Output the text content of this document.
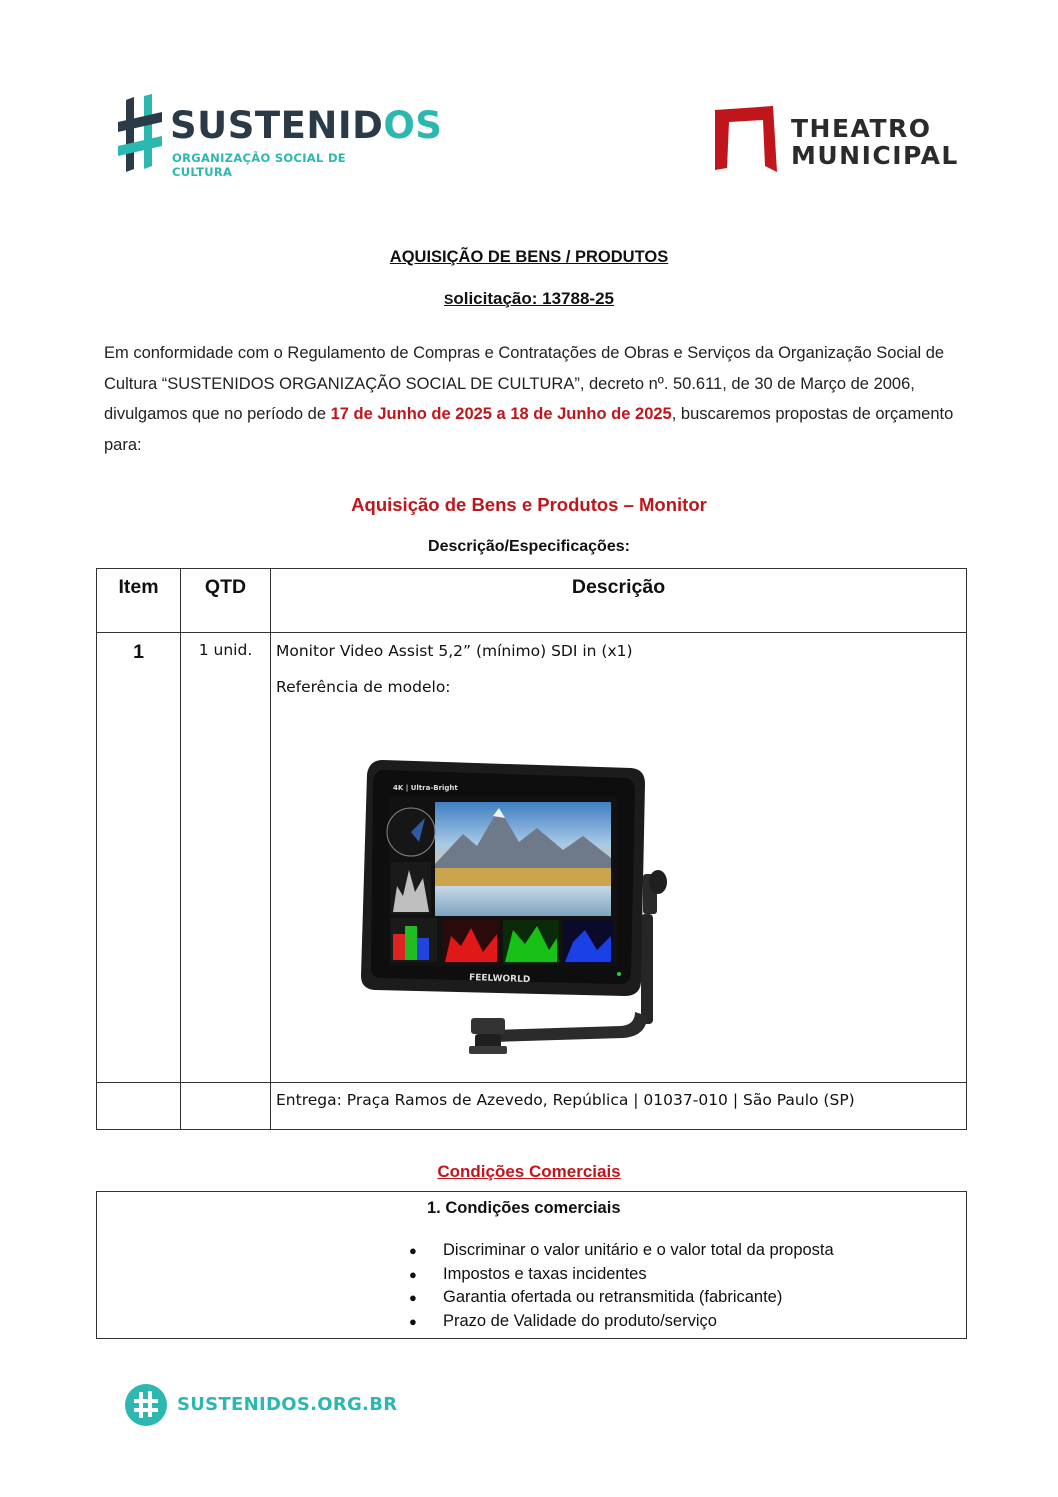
SUSTENIDOS
ORGANIZAÇÃO SOCIAL DE CULTURA
THEATRO
MUNICIPAL
AQUISIÇÃO DE BENS / PRODUTOS
Solicitação: 13788-25
Em conformidade com o Regulamento de Compras e Contratações de Obras e Serviços da Organização Social de Cultura “SUSTENIDOS ORGANIZAÇÃO SOCIAL DE CULTURA”, decreto nº. 50.611, de 30 de Março de 2006, divulgamos que no período de 17 de Junho de 2025 a 18 de Junho de 2025, buscaremos propostas de orçamento para:
Aquisição de Bens e Produtos – Monitor
Descrição/Especificações:
Item	QTD	Descrição
1	1 unid.	Monitor Video Assist 5,2” (mínimo) SDI in (x1)
Referência de modelo:
4K | Ultra-Bright
FEELWORLD

		Entrega: Praça Ramos de Azevedo, República | 01037-010 | São Paulo (SP)
Condições Comerciais
1. Condições comerciais
● Discriminar o valor unitário e o valor total da proposta
● Impostos e taxas incidentes
● Garantia ofertada ou retransmitida (fabricante)
● Prazo de Validade do produto/serviço
SUSTENIDOS.ORG.BR
